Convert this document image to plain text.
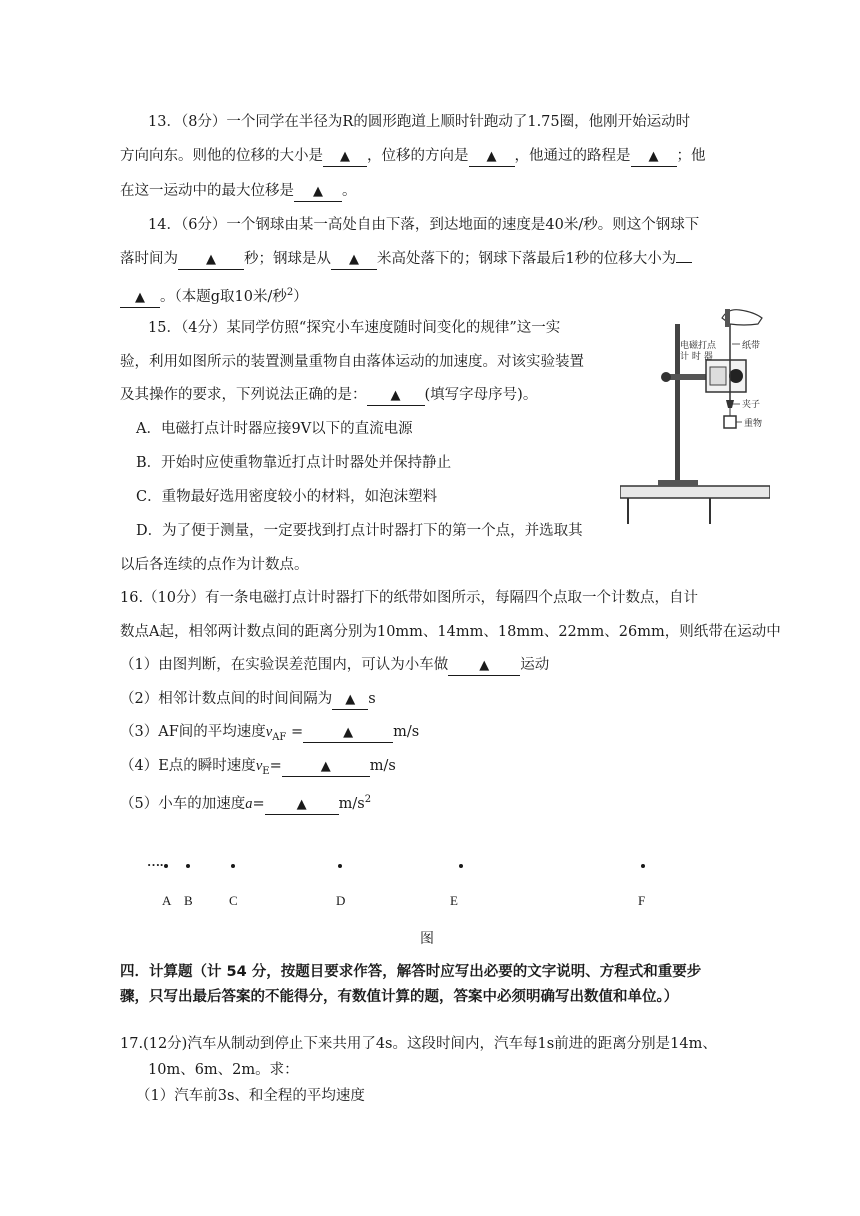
13．（8分）一个同学在半径为R的圆形跑道上顺时针跑动了1.75圈，他刚开始运动时
方向向东。则他的位移的大小是 ▲ ，位移的方向是 ▲ ，他通过的路程是 ▲ ；他
在这一运动中的最大位移是 ▲ 。
14．（6分）一个钢球由某一高处自由下落，到达地面的速度是40米/秒。则这个钢球下
落时间为 ▲ 秒；钢球是从 ▲ 米高处落下的；钢球下落最后1秒的位移大小为
▲ 。（本题g取10米/秒$^2$）
15．（4分）某同学仿照“探究小车速度随时间变化的规律”这一实
验，利用如图所示的装置测量重物自由落体运动的加速度。对该实验装置
及其操作的要求，下列说法正确的是： ▲ (填写字母序号)。
A．电磁打点计时器应接9V以下的直流电源
B．开始时应使重物靠近打点计时器处并保持静止
C．重物最好选用密度较小的材料，如泡沫塑料
D．为了便于测量，一定要找到打点计时器打下的第一个点，并选取其
以后各连续的点作为计数点。
电磁打点
计 时 器
纸带
夹子
重物
16.（10分）有一条电磁打点计时器打下的纸带如图所示，每隔四个点取一个计数点，自计
数点A起，相邻两计数点间的距离分别为10mm、14mm、18mm、22mm、26mm，则纸带在运动中
（1）由图判断，在实验误差范围内，可认为小车做 ▲ 运动
（2）相邻计数点间的时间间隔为 ▲ s
（3）AF间的平均速度$v_{AF}$ =	▲	m/s
（4）E点的瞬时速度$v_E=$	▲	m/s
（5）小车的加速度a= ▲ $m/s^2$
….
A B	C	D	E	F
图
四．计算题（计 54 分，按题目要求作答，解答时应写出必要的文字说明、方程式和重要步
骤，只写出最后答案的不能得分，有数值计算的题，答案中必须明确写出数值和单位。）
17.(12分)汽车从制动到停止下来共用了4s。这段时间内，汽车每1s前进的距离分别是14m、
10m、6m、2m。求：
（1）汽车前3s、和全程的平均速度
